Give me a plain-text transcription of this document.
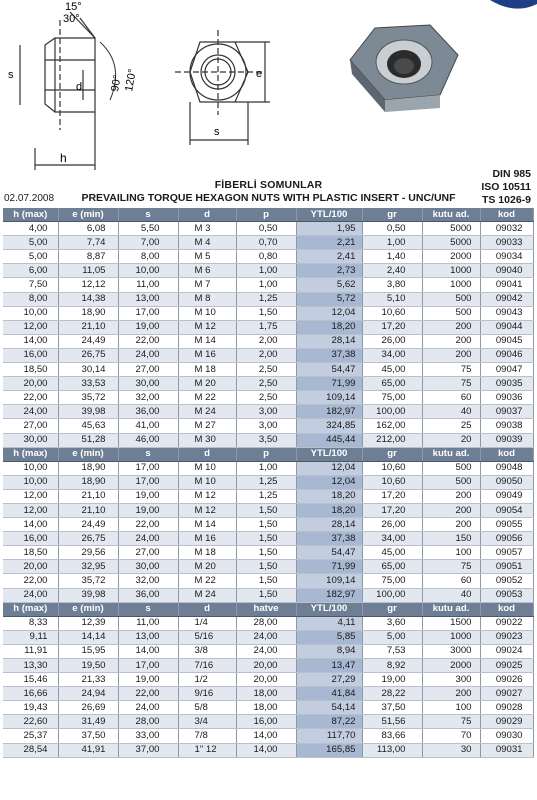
15°
30°
s
d
h
90° 120°	e
s
FİBERLİ SOMUNLAR
02.07.2008	PREVAILING TORQUE HEXAGON NUTS WITH PLASTIC INSERT - UNC/UNF
DIN 985
ISO 10511
TS 1026-9
h (max)	e (min)	s	d	p	YTL/100	gr	kutu ad.	kod
4,00	6,08	5,50	M 3	0,50	1,95	0,50	5000	09032
5,00	7,74	7,00	M 4	0,70	2,21	1,00	5000	09033
5,00	8,87	8,00	M 5	0,80	2,41	1,40	2000	09034
6,00	11,05	10,00	M 6	1,00	2,73	2,40	1000	09040
7,50	12,12	11,00	M 7	1,00	5,62	3,80	1000	09041
8,00	14,38	13,00	M 8	1,25	5,72	5,10	500	09042
10,00	18,90	17,00	M 10	1,50	12,04	10,60	500	09043
12,00	21,10	19,00	M 12	1,75	18,20	17,20	200	09044
14,00	24,49	22,00	M 14	2,00	28,14	26,00	200	09045
16,00	26,75	24,00	M 16	2,00	37,38	34,00	200	09046
18,50	30,14	27,00	M 18	2,50	54,47	45,00	75	09047
20,00	33,53	30,00	M 20	2,50	71,99	65,00	75	09035
22,00	35,72	32,00	M 22	2,50	109,14	75,00	60	09036
24,00	39,98	36,00	M 24	3,00	182,97	100,00	40	09037
27,00	45,63	41,00	M 27	3,00	324,85	162,00	25	09038
30,00	51,28	46,00	M 30	3,50	445,44	212,00	20	09039
h (max)	e (min)	s	d	p	YTL/100	gr	kutu ad.	kod
10,00	18,90	17,00	M 10	1,00	12,04	10,60	500	09048
10,00	18,90	17,00	M 10	1,25	12,04	10,60	500	09050
12,00	21,10	19,00	M 12	1,25	18,20	17,20	200	09049
12,00	21,10	19,00	M 12	1,50	18,20	17,20	200	09054
14,00	24,49	22,00	M 14	1,50	28,14	26,00	200	09055
16,00	26,75	24,00	M 16	1,50	37,38	34,00	150	09056
18,50	29,56	27,00	M 18	1,50	54,47	45,00	100	09057
20,00	32,95	30,00	M 20	1,50	71,99	65,00	75	09051
22,00	35,72	32,00	M 22	1,50	109,14	75,00	60	09052
24,00	39,98	36,00	M 24	1,50	182,97	100,00	40	09053
h (max)	e (min)	s	d	hatve	YTL/100	gr	kutu ad.	kod
8,33	12,39	11,00	1/4	28,00	4,11	3,60	1500	09022
9,11	14,14	13,00	5/16	24,00	5,85	5,00	1000	09023
11,91	15,95	14,00	3/8	24,00	8,94	7,53	3000	09024
13,30	19,50	17,00	7/16	20,00	13,47	8,92	2000	09025
15,46	21,33	19,00	1/2	20,00	27,29	19,00	300	09026
16,66	24,94	22,00	9/16	18,00	41,84	28,22	200	09027
19,43	26,69	24,00	5/8	18,00	54,14	37,50	100	09028
22,60	31,49	28,00	3/4	16,00	87,22	51,56	75	09029
25,37	37,50	33,00	7/8	14,00	117,70	83,66	70	09030
28,54	41,91	37,00	1" 12	14,00	165,85	113,00	30	09031
